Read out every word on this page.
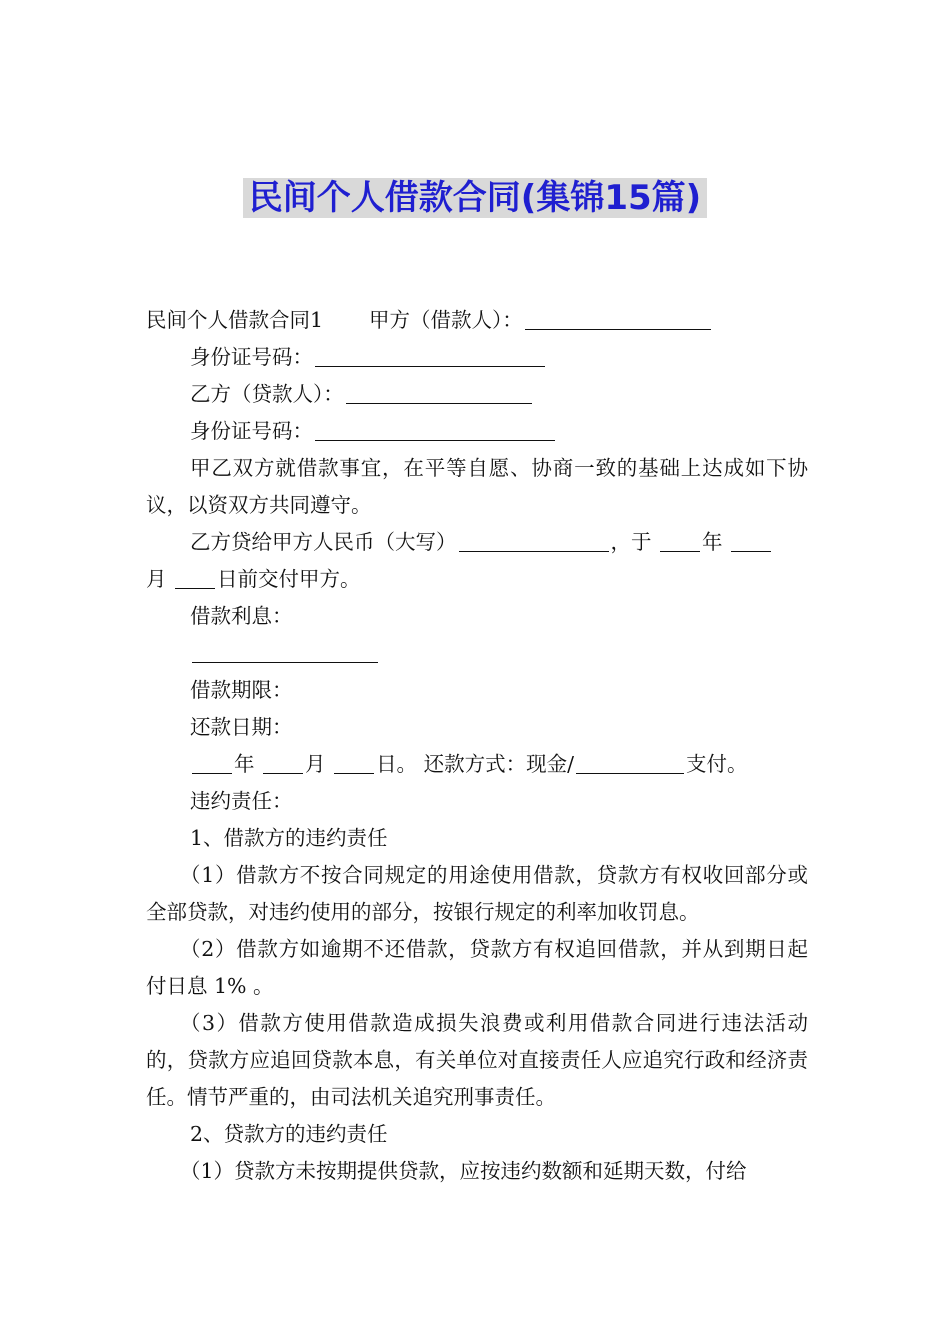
民间个人借款合同(集锦15篇)
民间个人借款合同1 甲方（借款人）：
身份证号码：
乙方（贷款人）：
身份证号码：
甲乙双方就借款事宜，在平等自愿、协商一致的基础上达成如下协议，以资双方共同遵守。
乙方贷给甲方人民币（大写）	，于 年
月 日前交付甲方。
借款利息：
借款期限：
还款日期：
年 月 日。 还款方式：现金/	支付。
违约责任：
1、借款方的违约责任
（1）借款方不按合同规定的用途使用借款，贷款方有权收回部分或全部贷款，对违约使用的部分，按银行规定的利率加收罚息。
（2）借款方如逾期不还借款，贷款方有权追回借款，并从到期日起付日息 1% 。
（3）借款方使用借款造成损失浪费或利用借款合同进行违法活动的，贷款方应追回贷款本息，有关单位对直接责任人应追究行政和经济责任。情节严重的，由司法机关追究刑事责任。
2、贷款方的违约责任
（1）贷款方未按期提供贷款，应按违约数额和延期天数，付给
